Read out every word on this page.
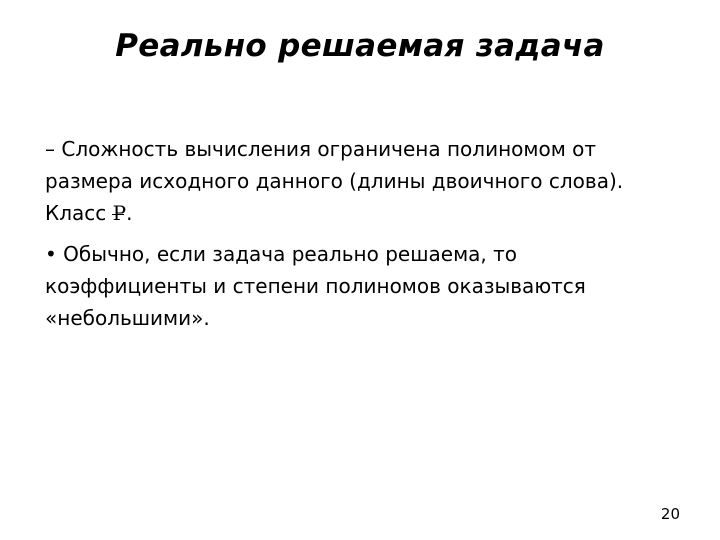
Реально решаемая задача
– Сложность вычисления ограничена полиномом от размера исходного данного (длины двоичного слова). Класс P.
• Обычно, если задача реально решаема, то коэффициенты и степени полиномов оказываются «небольшими».
20
